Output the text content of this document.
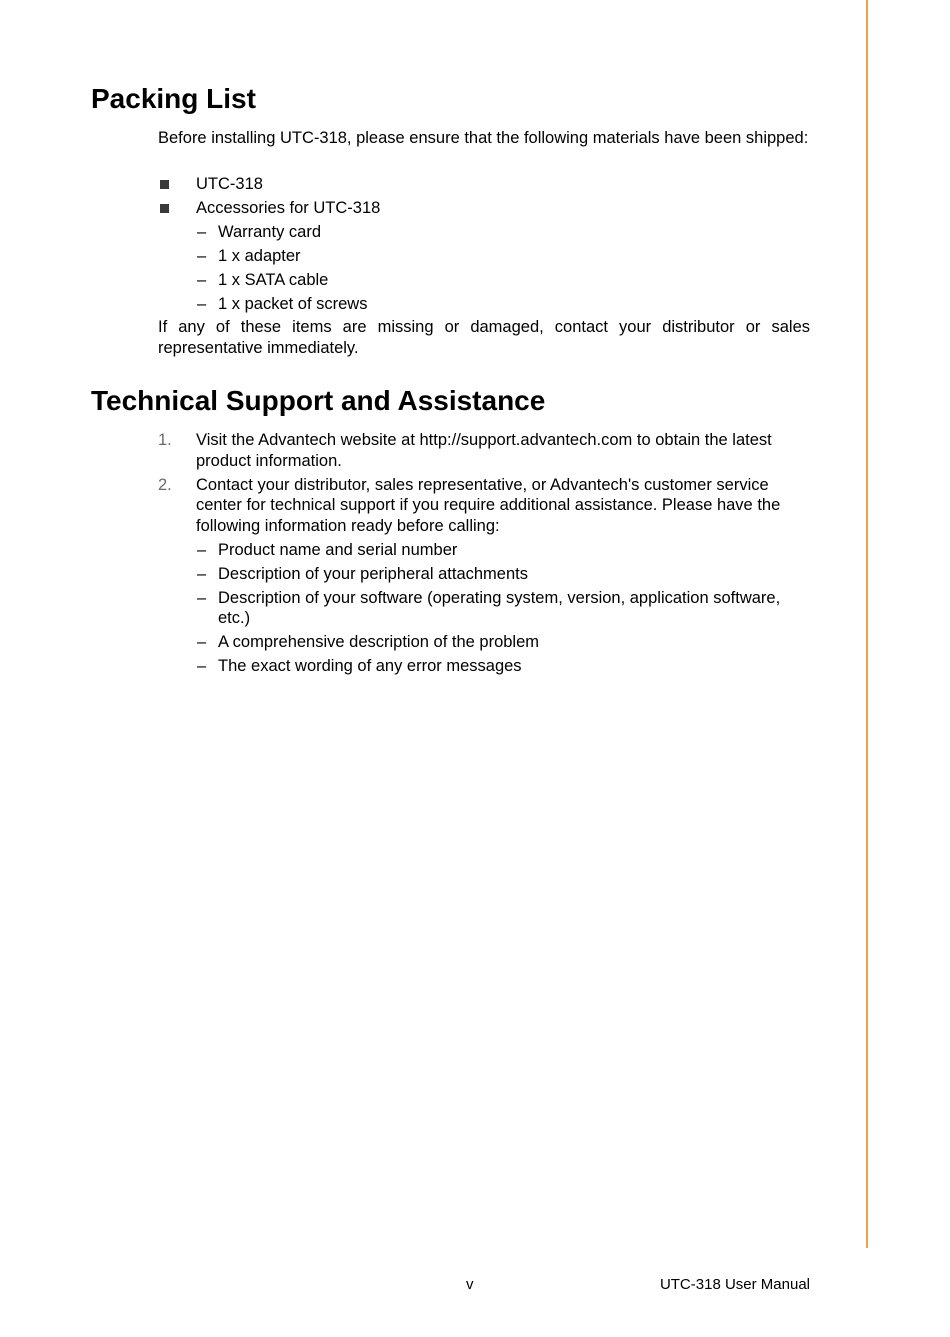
Packing List

Before installing UTC-318, please ensure that the following materials have been shipped:

UTC-318
Accessories for UTC-318
– Warranty card
– 1 x adapter
– 1 x SATA cable
– 1 x packet of screws

If any of these items are missing or damaged, contact your distributor or sales representative immediately.

Technical Support and Assistance
1. Visit the Advantech website at http://support.advantech.com to obtain the latest product information.
2. Contact your distributor, sales representative, or Advantech's customer service center for technical support if you require additional assistance. Please have the following information ready before calling:
– Product name and serial number
– Description of your peripheral attachments
– Description of your software (operating system, version, application software, etc.)
– A comprehensive description of the problem
– The exact wording of any error messages
v	UTC-318 User Manual
